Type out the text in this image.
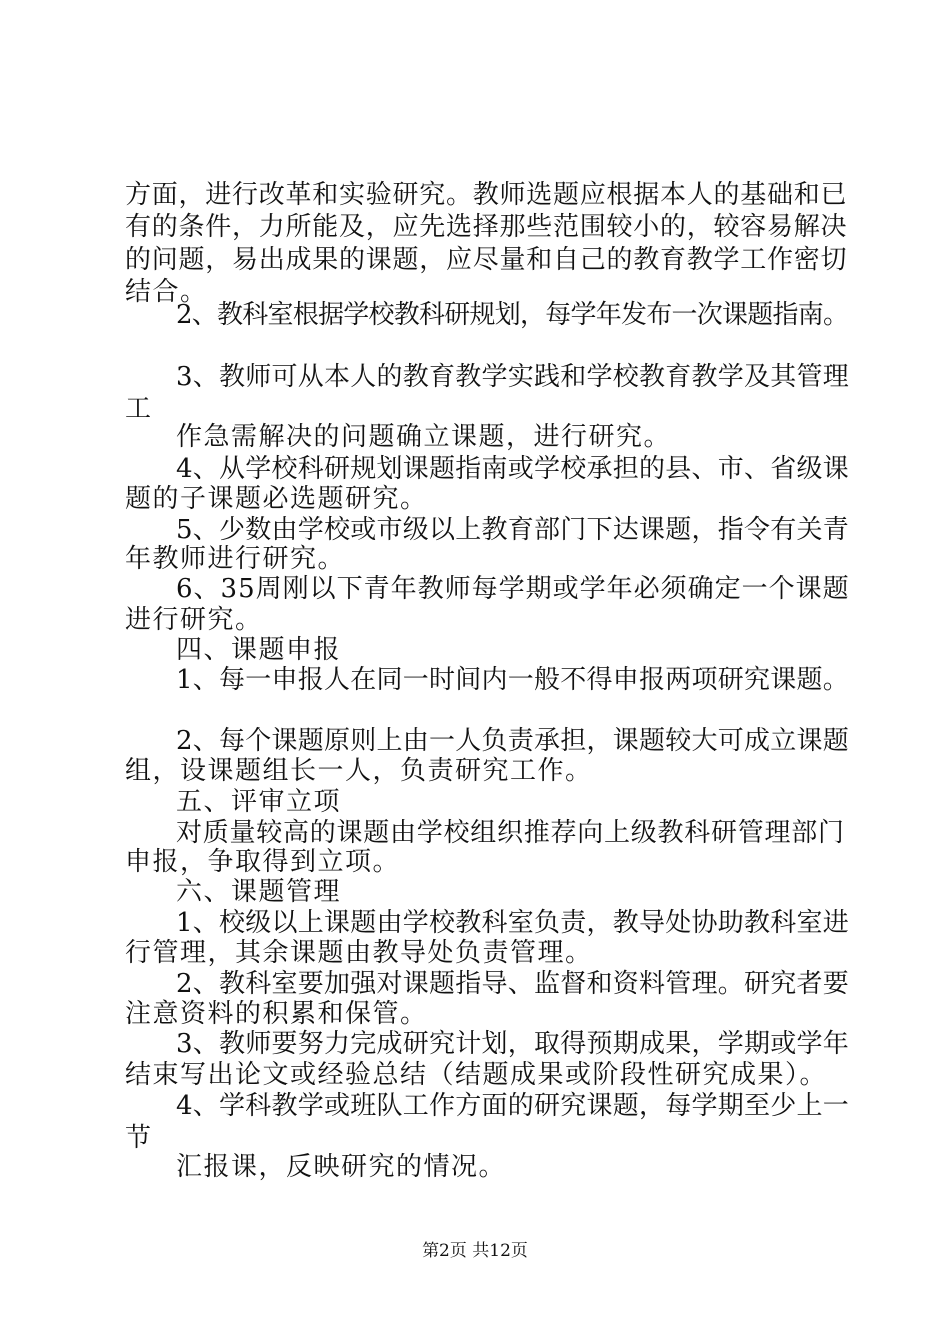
方面，进行改革和实验研究。教师选题应根据本人的基础和已
有的条件，力所能及，应先选择那些范围较小的，较容易解决
的问题，易出成果的课题，应尽量和自己的教育教学工作密切
结合。
2、教科室根据学校教科研规划，每学年发布一次课题指南。
3、教师可从本人的教育教学实践和学校教育教学及其管理
工
作急需解决的问题确立课题，进行研究。
4、从学校科研规划课题指南或学校承担的县、市、省级课
题的子课题必选题研究。
5、少数由学校或市级以上教育部门下达课题，指令有关青
年教师进行研究。
6、35周刚以下青年教师每学期或学年必须确定一个课题
进行研究。
四、课题申报
1、每一申报人在同一时间内一般不得申报两项研究课题。
2、每个课题原则上由一人负责承担，课题较大可成立课题
组，设课题组长一人，负责研究工作。
五、评审立项
对质量较高的课题由学校组织推荐向上级教科研管理部门
申报，争取得到立项。
六、课题管理
1、校级以上课题由学校教科室负责，教导处协助教科室进
行管理，其余课题由教导处负责管理。
2、教科室要加强对课题指导、监督和资料管理。研究者要
注意资料的积累和保管。
3、教师要努力完成研究计划，取得预期成果，学期或学年
结束写出论文或经验总结（结题成果或阶段性研究成果）。
4、学科教学或班队工作方面的研究课题，每学期至少上一
节
汇报课，反映研究的情况。
第2页 共12页
